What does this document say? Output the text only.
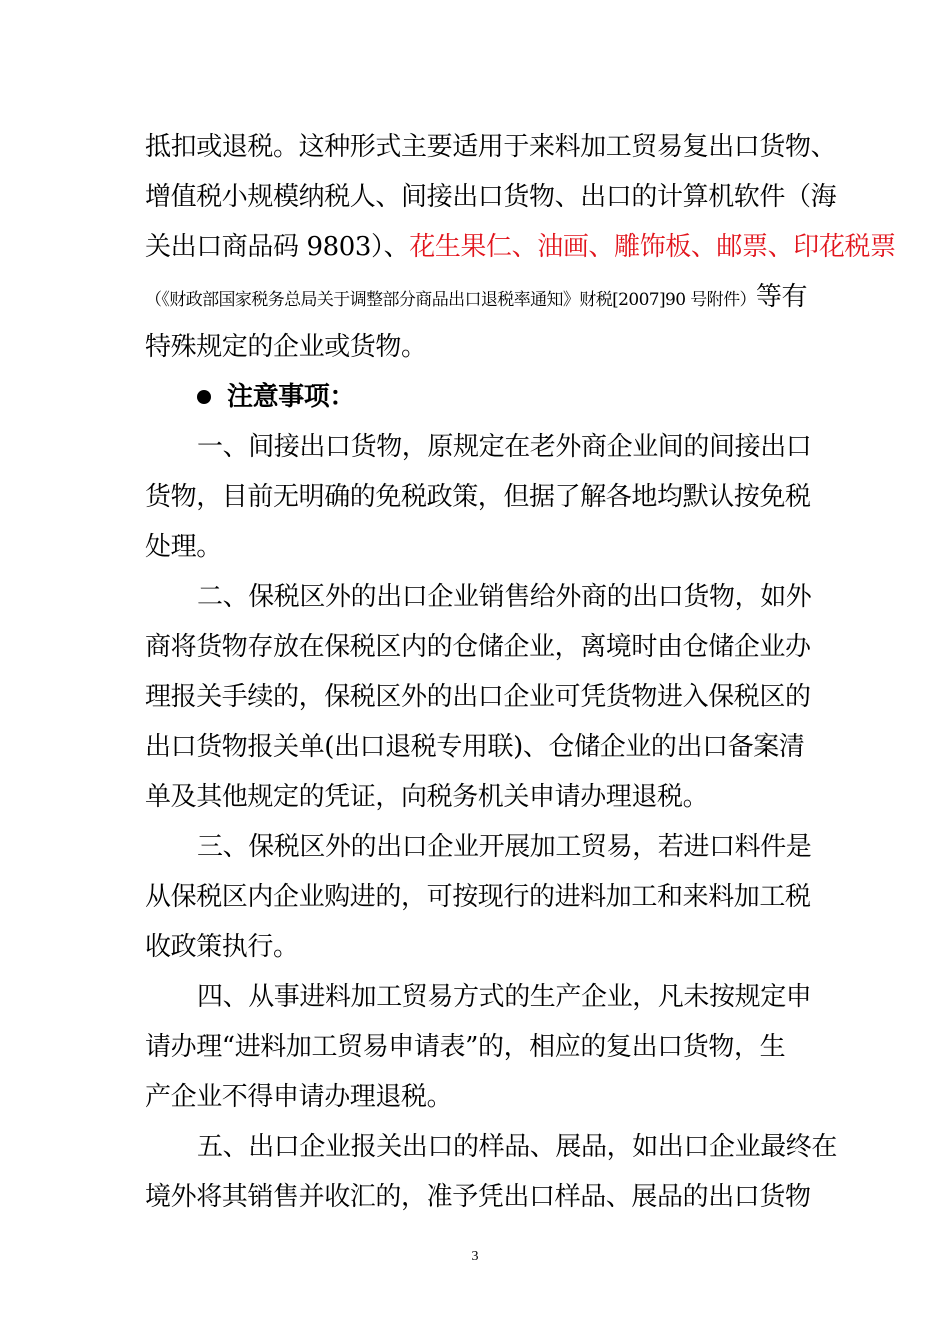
抵扣或退税。这种形式主要适用于来料加工贸易复出口货物、
增值税小规模纳税人、间接出口货物、出口的计算机软件（海
关出口商品码 9803）、花生果仁、油画、雕饰板、邮票、印花税票
（《财政部国家税务总局关于调整部分商品出口退税率通知》财税[2007]90 号附件）等有
特殊规定的企业或货物。
注意事项：
一、间接出口货物，原规定在老外商企业间的间接出口
货物，目前无明确的免税政策，但据了解各地均默认按免税
处理。
二、保税区外的出口企业销售给外商的出口货物，如外
商将货物存放在保税区内的仓储企业，离境时由仓储企业办
理报关手续的，保税区外的出口企业可凭货物进入保税区的
出口货物报关单(出口退税专用联)、仓储企业的出口备案清
单及其他规定的凭证，向税务机关申请办理退税。
三、保税区外的出口企业开展加工贸易，若进口料件是
从保税区内企业购进的，可按现行的进料加工和来料加工税
收政策执行。
四、从事进料加工贸易方式的生产企业，凡未按规定申
请办理“进料加工贸易申请表”的，相应的复出口货物，生
产企业不得申请办理退税。
五、出口企业报关出口的样品、展品，如出口企业最终在
境外将其销售并收汇的，准予凭出口样品、展品的出口货物
3
